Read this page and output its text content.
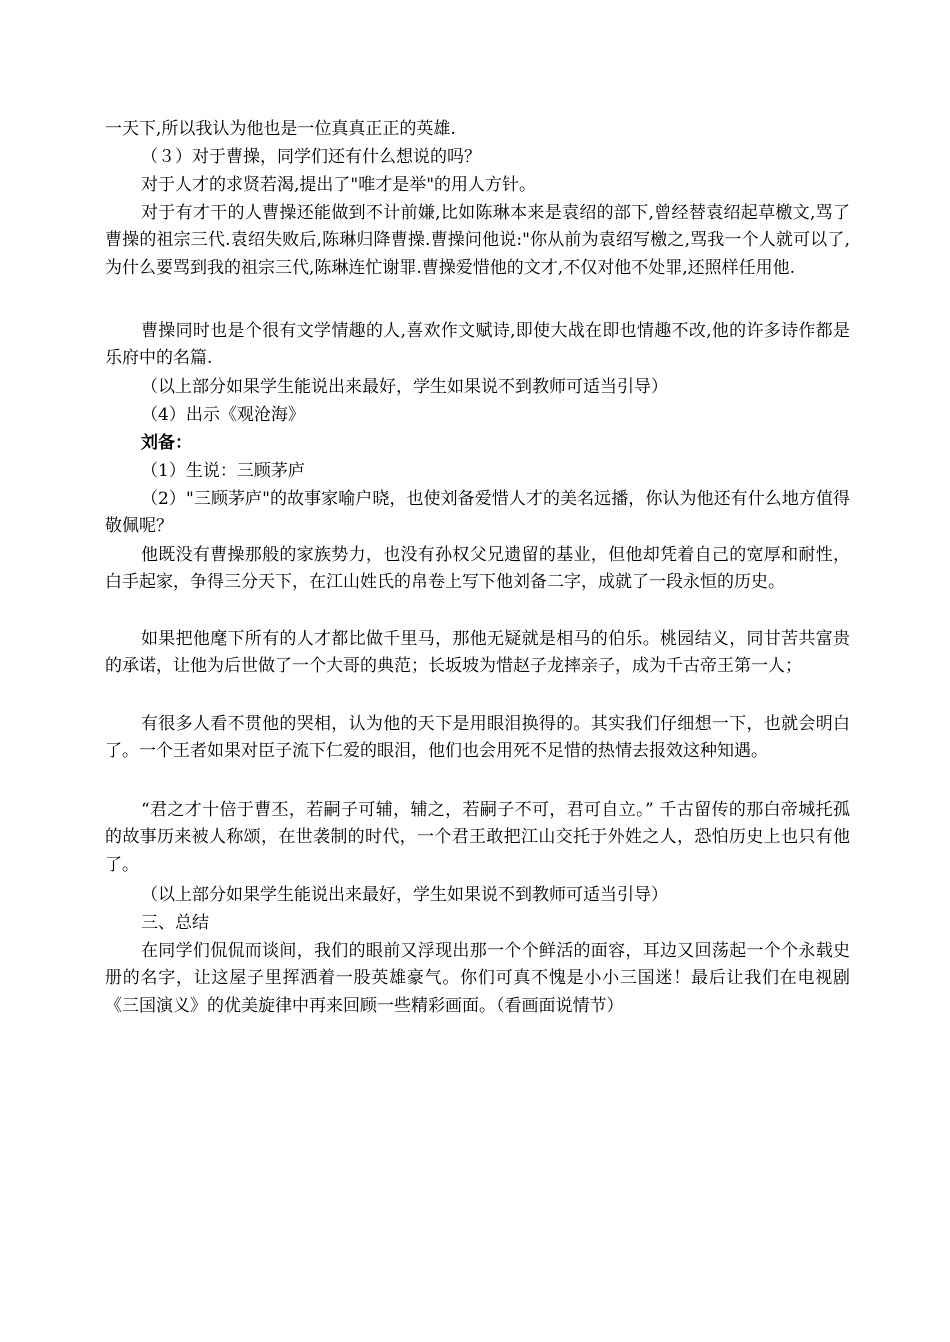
一天下,所以我认为他也是一位真真正正的英雄.

（３）对于曹操，同学们还有什么想说的吗？

对于人才的求贤若渴,提出了"唯才是举"的用人方针。

对于有才干的人曹操还能做到不计前嫌,比如陈琳本来是袁绍的部下,曾经替袁绍起草檄文,骂了曹操的祖宗三代.袁绍失败后,陈琳归降曹操.曹操问他说:"你从前为袁绍写檄之,骂我一个人就可以了,为什么要骂到我的祖宗三代,陈琳连忙谢罪.曹操爱惜他的文才,不仅对他不处罪,还照样任用他.

曹操同时也是个很有文学情趣的人,喜欢作文赋诗,即使大战在即也情趣不改,他的许多诗作都是乐府中的名篇.

（以上部分如果学生能说出来最好，学生如果说不到教师可适当引导）

（4）出示《观沧海》

刘备：

（1）生说：三顾茅庐

（2）"三顾茅庐"的故事家喻户晓，也使刘备爱惜人才的美名远播，你认为他还有什么地方值得敬佩呢？

他既没有曹操那般的家族势力，也没有孙权父兄遗留的基业，但他却凭着自己的宽厚和耐性，白手起家，争得三分天下，在江山姓氏的帛卷上写下他刘备二字，成就了一段永恒的历史。

如果把他麾下所有的人才都比做千里马，那他无疑就是相马的伯乐。桃园结义，同甘苦共富贵的承诺，让他为后世做了一个大哥的典范；长坂坡为惜赵子龙摔亲子，成为千古帝王第一人；

有很多人看不贯他的哭相，认为他的天下是用眼泪换得的。其实我们仔细想一下，也就会明白了。一个王者如果对臣子流下仁爱的眼泪，他们也会用死不足惜的热情去报效这种知遇。

“君之才十倍于曹丕，若嗣子可辅，辅之，若嗣子不可，君可自立。” 千古留传的那白帝城托孤的故事历来被人称颂，在世袭制的时代，一个君王敢把江山交托于外姓之人，恐怕历史上也只有他了。

（以上部分如果学生能说出来最好，学生如果说不到教师可适当引导）

三、总结

在同学们侃侃而谈间，我们的眼前又浮现出那一个个鲜活的面容，耳边又回荡起一个个永载史册的名字，让这屋子里挥洒着一股英雄豪气。你们可真不愧是小小三国迷！最后让我们在电视剧《三国演义》的优美旋律中再来回顾一些精彩画面。（看画面说情节）
